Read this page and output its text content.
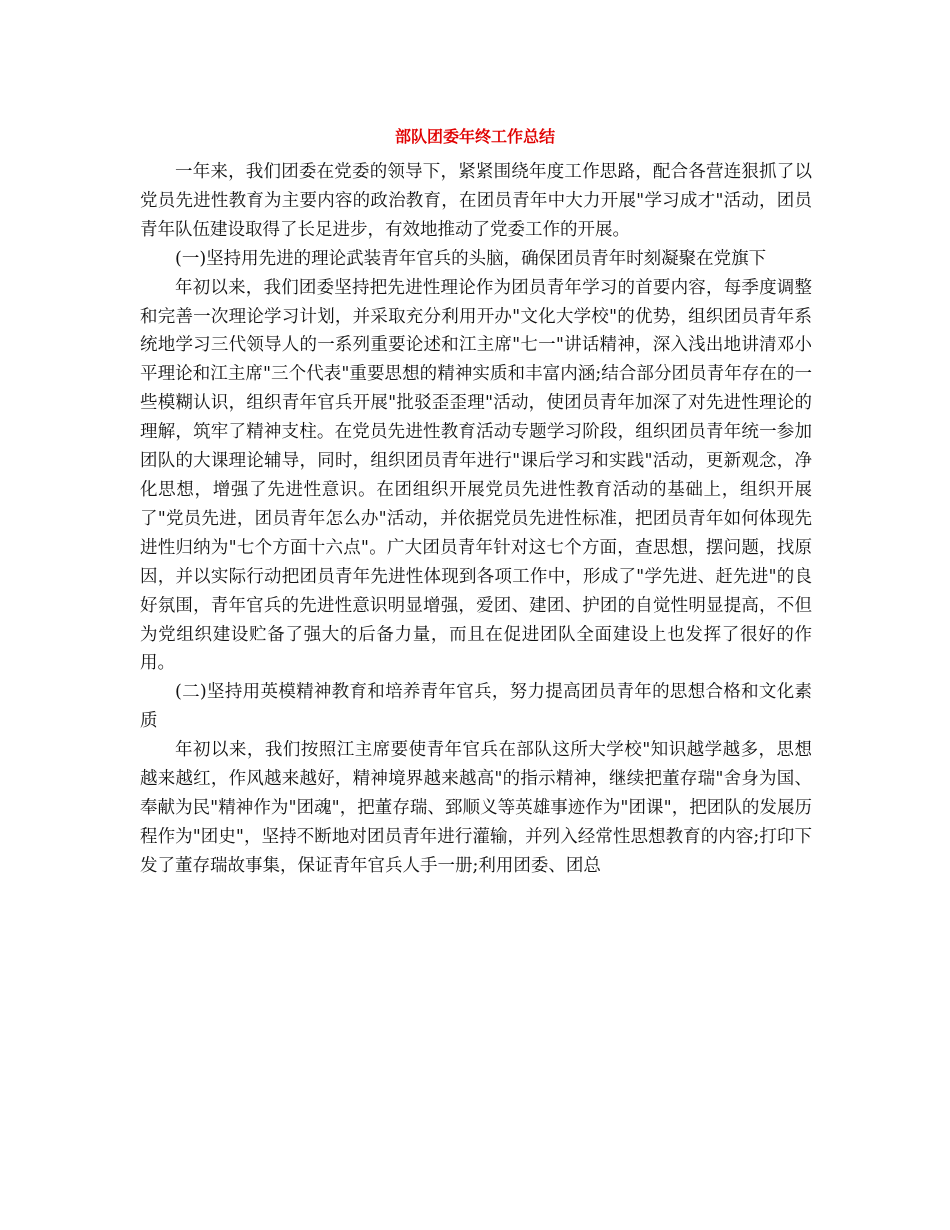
部队团委年终工作总结

一年来，我们团委在党委的领导下，紧紧围绕年度工作思路，配合各营连狠抓了以党员先进性教育为主要内容的政治教育，在团员青年中大力开展"学习成才"活动，团员青年队伍建设取得了长足进步，有效地推动了党委工作的开展。

(一)坚持用先进的理论武装青年官兵的头脑，确保团员青年时刻凝聚在党旗下

年初以来，我们团委坚持把先进性理论作为团员青年学习的首要内容，每季度调整和完善一次理论学习计划，并采取充分利用开办"文化大学校"的优势，组织团员青年系统地学习三代领导人的一系列重要论述和江主席"七一"讲话精神，深入浅出地讲清邓小平理论和江主席"三个代表"重要思想的精神实质和丰富内涵;结合部分团员青年存在的一些模糊认识，组织青年官兵开展"批驳歪歪理"活动，使团员青年加深了对先进性理论的理解，筑牢了精神支柱。在党员先进性教育活动专题学习阶段，组织团员青年统一参加团队的大课理论辅导，同时，组织团员青年进行"课后学习和实践"活动，更新观念，净化思想，增强了先进性意识。在团组织开展党员先进性教育活动的基础上，组织开展了"党员先进，团员青年怎么办"活动，并依据党员先进性标准，把团员青年如何体现先进性归纳为"七个方面十六点"。广大团员青年针对这七个方面，查思想，摆问题，找原因，并以实际行动把团员青年先进性体现到各项工作中，形成了"学先进、赶先进"的良好氛围，青年官兵的先进性意识明显增强，爱团、建团、护团的自觉性明显提高，不但为党组织建设贮备了强大的后备力量，而且在促进团队全面建设上也发挥了很好的作用。

(二)坚持用英模精神教育和培养青年官兵，努力提高团员青年的思想合格和文化素质

年初以来，我们按照江主席要使青年官兵在部队这所大学校"知识越学越多，思想越来越红，作风越来越好，精神境界越来越高"的指示精神，继续把董存瑞"舍身为国、奉献为民"精神作为"团魂"，把董存瑞、郅顺义等英雄事迹作为"团课"，把团队的发展历程作为"团史"，坚持不断地对团员青年进行灌输，并列入经常性思想教育的内容;打印下发了董存瑞故事集，保证青年官兵人手一册;利用团委、团总
